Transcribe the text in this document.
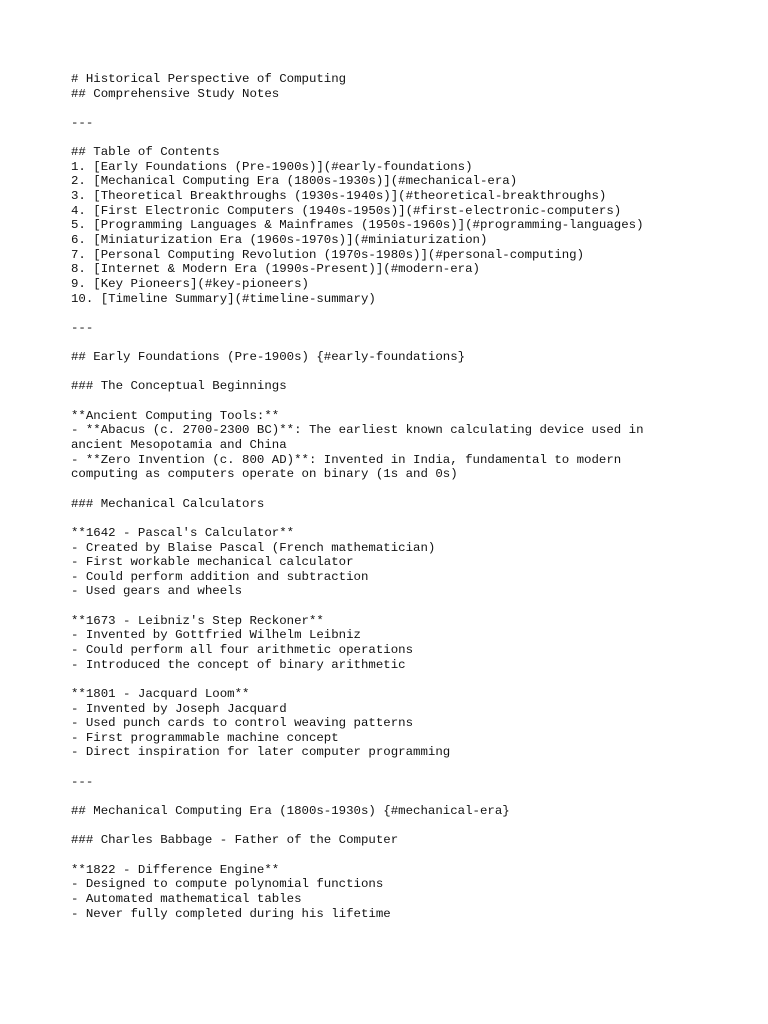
# Historical Perspective of Computing
## Comprehensive Study Notes
---
## Table of Contents
1. [Early Foundations (Pre-1900s)](#early-foundations)
2. [Mechanical Computing Era (1800s-1930s)](#mechanical-era)
3. [Theoretical Breakthroughs (1930s-1940s)](#theoretical-breakthroughs)
4. [First Electronic Computers (1940s-1950s)](#first-electronic-computers)
5. [Programming Languages & Mainframes (1950s-1960s)](#programming-languages)
6. [Miniaturization Era (1960s-1970s)](#miniaturization)
7. [Personal Computing Revolution (1970s-1980s)](#personal-computing)
8. [Internet & Modern Era (1990s-Present)](#modern-era)
9. [Key Pioneers](#key-pioneers)
10. [Timeline Summary](#timeline-summary)
---
## Early Foundations (Pre-1900s) {#early-foundations}
### The Conceptual Beginnings
**Ancient Computing Tools:**
- **Abacus (c. 2700-2300 BC)**: The earliest known calculating device used in
ancient Mesopotamia and China
- **Zero Invention (c. 800 AD)**: Invented in India, fundamental to modern
computing as computers operate on binary (1s and 0s)
### Mechanical Calculators
**1642 - Pascal's Calculator**
- Created by Blaise Pascal (French mathematician)
- First workable mechanical calculator
- Could perform addition and subtraction
- Used gears and wheels
**1673 - Leibniz's Step Reckoner**
- Invented by Gottfried Wilhelm Leibniz
- Could perform all four arithmetic operations
- Introduced the concept of binary arithmetic
**1801 - Jacquard Loom**
- Invented by Joseph Jacquard
- Used punch cards to control weaving patterns
- First programmable machine concept
- Direct inspiration for later computer programming
---
## Mechanical Computing Era (1800s-1930s) {#mechanical-era}
### Charles Babbage - Father of the Computer
**1822 - Difference Engine**
- Designed to compute polynomial functions
- Automated mathematical tables
- Never fully completed during his lifetime
